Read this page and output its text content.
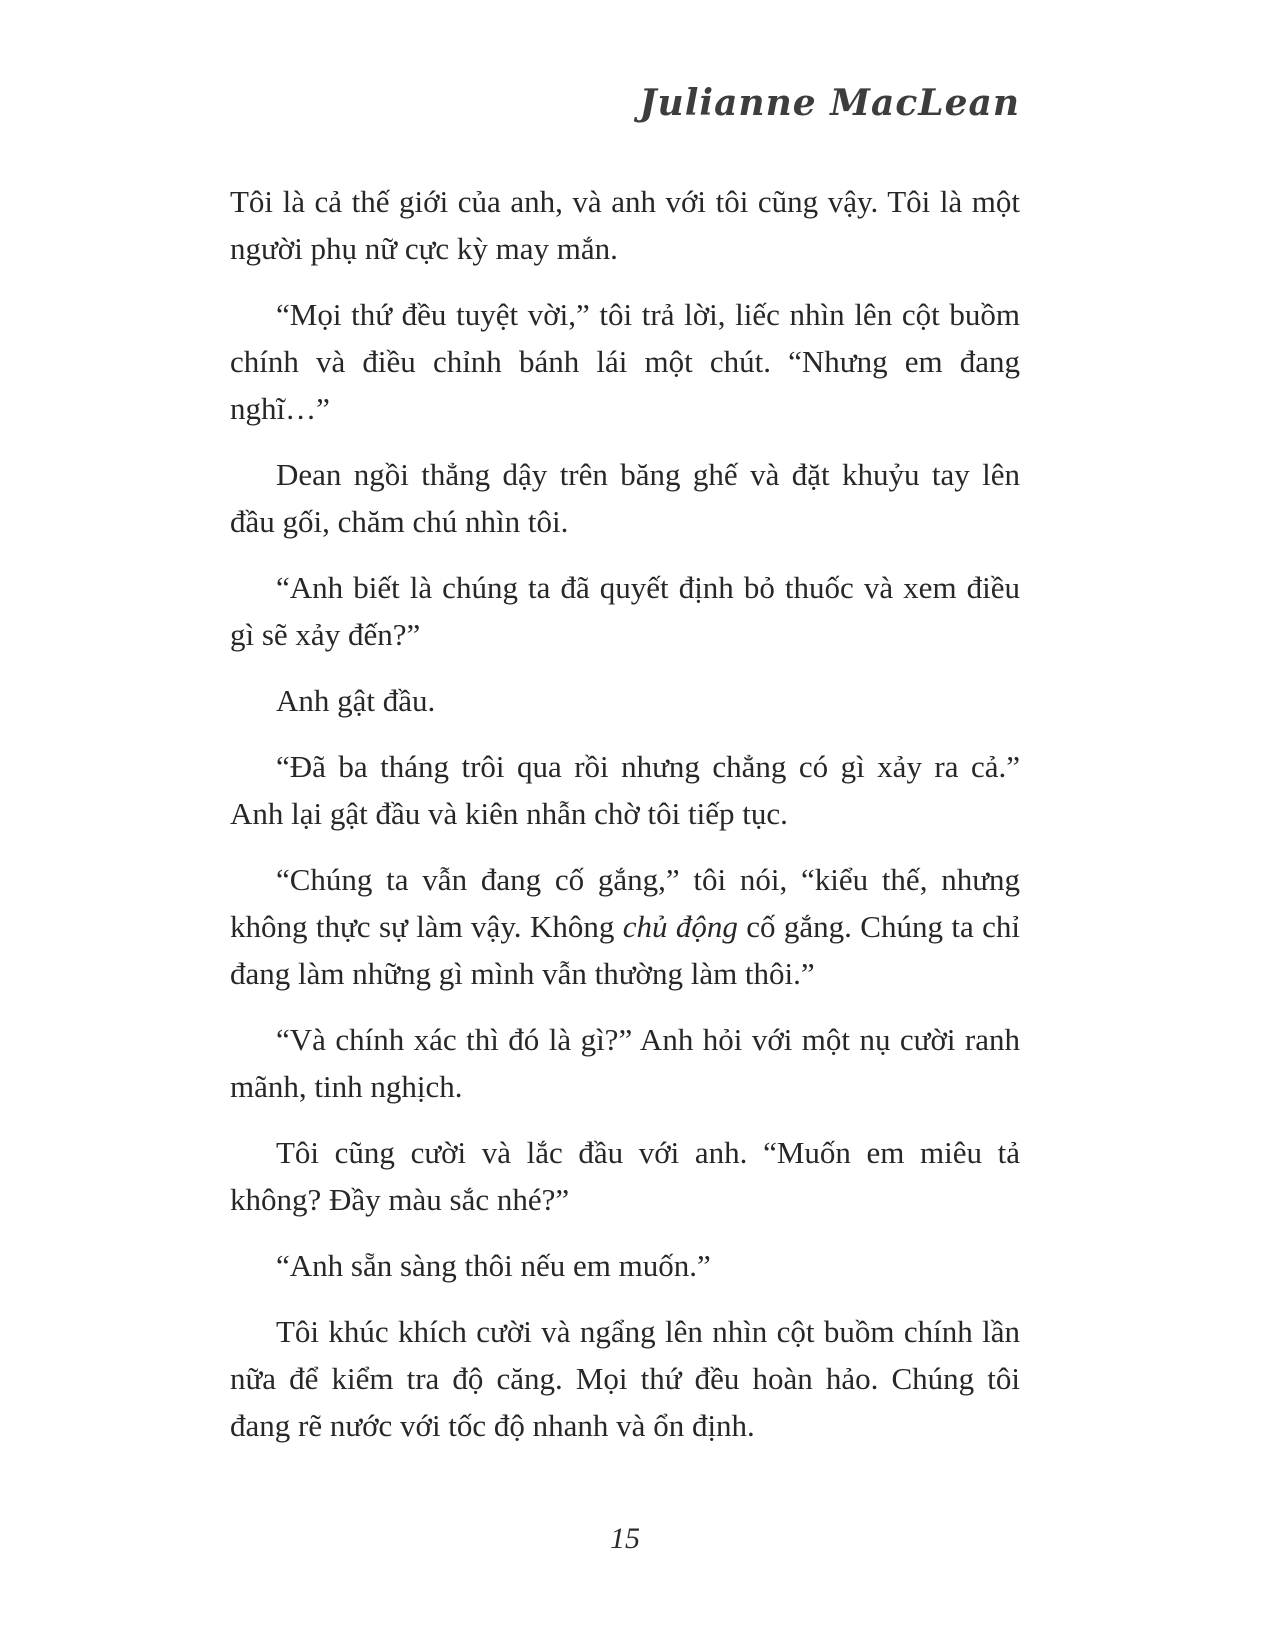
Julianne MacLean

Tôi là cả thế giới của anh, và anh với tôi cũng vậy. Tôi là một người phụ nữ cực kỳ may mắn.

“Mọi thứ đều tuyệt vời,” tôi trả lời, liếc nhìn lên cột buồm chính và điều chỉnh bánh lái một chút. “Nhưng em đang nghĩ…”

Dean ngồi thẳng dậy trên băng ghế và đặt khuỷu tay lên đầu gối, chăm chú nhìn tôi.

“Anh biết là chúng ta đã quyết định bỏ thuốc và xem điều gì sẽ xảy đến?”

Anh gật đầu.

“Đã ba tháng trôi qua rồi nhưng chẳng có gì xảy ra cả.” Anh lại gật đầu và kiên nhẫn chờ tôi tiếp tục.

“Chúng ta vẫn đang cố gắng,” tôi nói, “kiểu thế, nhưng không thực sự làm vậy. Không chủ động cố gắng. Chúng ta chỉ đang làm những gì mình vẫn thường làm thôi.”

“Và chính xác thì đó là gì?” Anh hỏi với một nụ cười ranh mãnh, tinh nghịch.

Tôi cũng cười và lắc đầu với anh. “Muốn em miêu tả không? Đầy màu sắc nhé?”

“Anh sẵn sàng thôi nếu em muốn.”

Tôi khúc khích cười và ngẩng lên nhìn cột buồm chính lần nữa để kiểm tra độ căng. Mọi thứ đều hoàn hảo. Chúng tôi đang rẽ nước với tốc độ nhanh và ổn định.

15
